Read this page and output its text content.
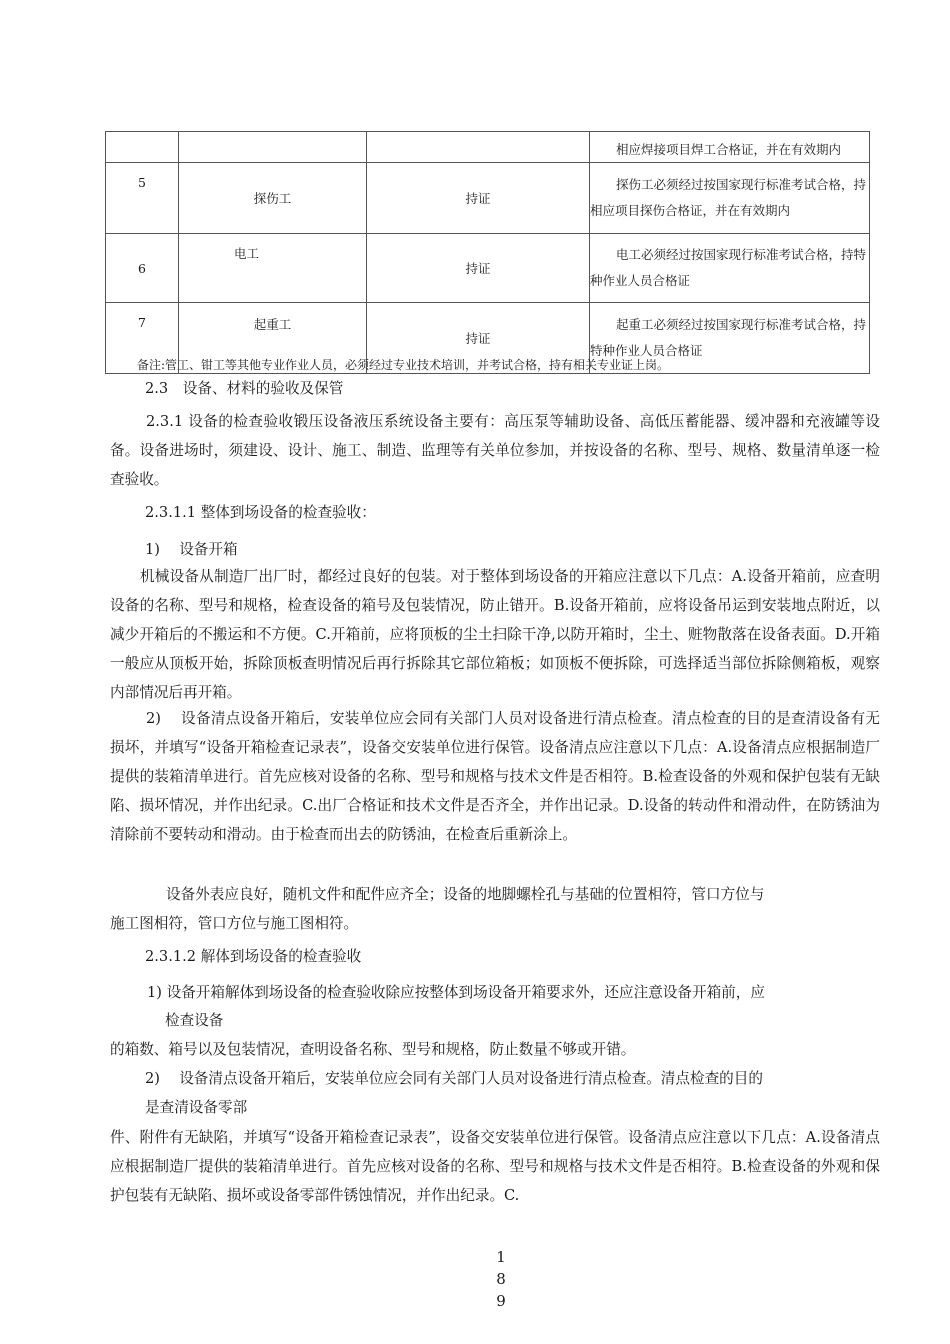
			相应焊接项目焊工合格证，并在有效期内
5	探伤工	持证	探伤工必须经过按国家现行标准考试合格，持
相应项目探伤合格证，并在有效期内
6	电工	持证	电工必须经过按国家现行标准考试合格，持特
种作业人员合格证
7	起重工	持证	起重工必须经过按国家现行标准考试合格，持
特种作业人员合格证
备注:管工、钳工等其他专业作业人员，必须经过专业技术培训，并考试合格，持有相关专业证上岗。
2.3　设备、材料的验收及保管
2.3.1 设备的检查验收锻压设备液压系统设备主要有：高压泵等辅助设备、高低压蓄能器、缓冲器和充液罐等设备。设备进场时，须建设、设计、施工、制造、监理等有关单位参加，并按设备的名称、型号、规格、数量清单逐一检查验收。
2.3.1.1 整体到场设备的检查验收：
1)　 设备开箱
机械设备从制造厂出厂时，都经过良好的包装。对于整体到场设备的开箱应注意以下几点：A.设备开箱前，应查明设备的名称、型号和规格，检查设备的箱号及包装情况，防止错开。B.设备开箱前，应将设备吊运到安装地点附近，以减少开箱后的不搬运和不方便。C.开箱前，应将顶板的尘土扫除干净,以防开箱时，尘土、赃物散落在设备表面。D.开箱一般应从顶板开始，拆除顶板查明情况后再行拆除其它部位箱板；如顶板不便拆除，可选择适当部位拆除侧箱板，观察内部情况后再开箱。
2)　 设备清点设备开箱后，安装单位应会同有关部门人员对设备进行清点检查。清点检查的目的是查清设备有无损坏，并填写“设备开箱检查记录表”，设备交安装单位进行保管。设备清点应注意以下几点：A.设备清点应根据制造厂提供的装箱清单进行。首先应核对设备的名称、型号和规格与技术文件是否相符。B.检查设备的外观和保护包装有无缺陷、损坏情况，并作出纪录。C.出厂合格证和技术文件是否齐全，并作出记录。D.设备的转动件和滑动件，在防锈油为清除前不要转动和滑动。由于检查而出去的防锈油，在检查后重新涂上。
设备外表应良好，随机文件和配件应齐全；设备的地脚螺栓孔与基础的位置相符，管口方位与
施工图相符，管口方位与施工图相符。
2.3.1.2 解体到场设备的检查验收
1) 设备开箱解体到场设备的检查验收除应按整体到场设备开箱要求外，还应注意设备开箱前，应
检查设备
的箱数、箱号以及包装情况，查明设备名称、型号和规格，防止数量不够或开错。
2)　 设备清点设备开箱后，安装单位应会同有关部门人员对设备进行清点检查。清点检查的目的
是查清设备零部
件、附件有无缺陷，并填写“设备开箱检查记录表”，设备交安装单位进行保管。设备清点应注意以下几点：A.设备清点应根据制造厂提供的装箱清单进行。首先应核对设备的名称、型号和规格与技术文件是否相符。B.检查设备的外观和保护包装有无缺陷、损坏或设备零部件锈蚀情况，并作出纪录。C.
1
8
9
